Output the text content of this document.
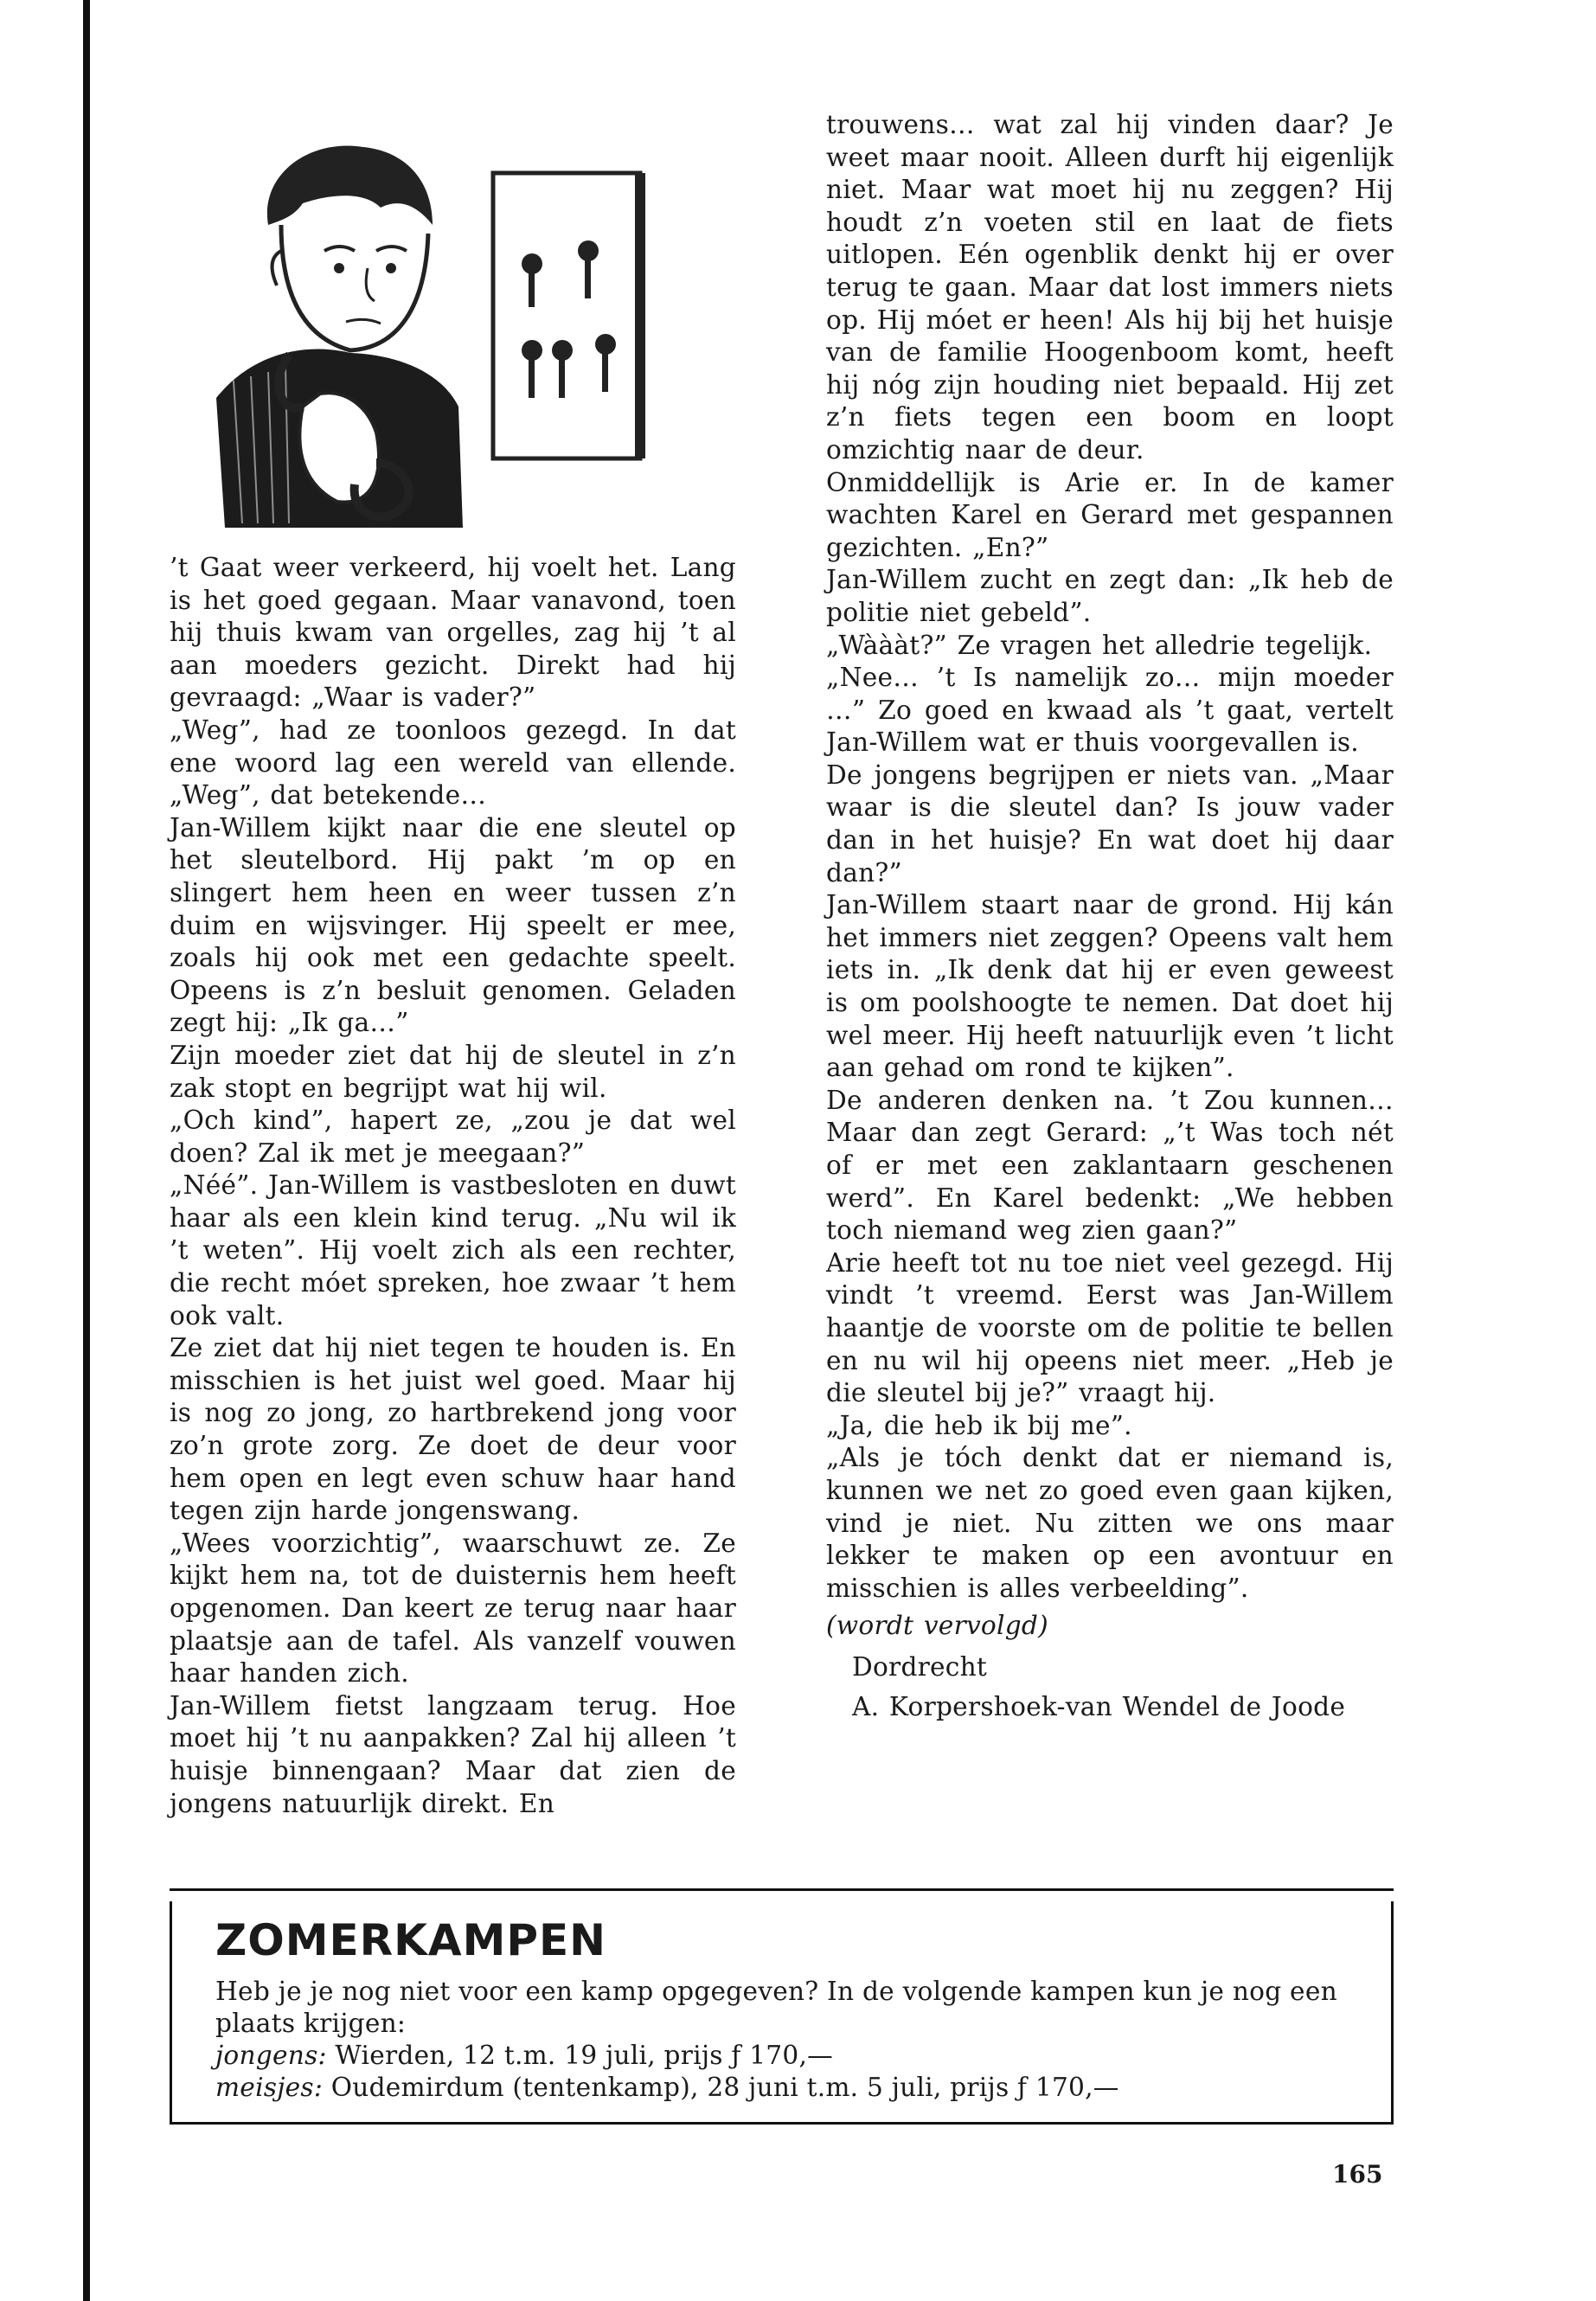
’t Gaat weer verkeerd, hij voelt het. Lang is het goed gegaan. Maar vanavond, toen hij thuis kwam van orgelles, zag hij ’t al aan moeders gezicht. Direkt had hij gevraagd: „Waar is vader?”

„Weg”, had ze toonloos gezegd. In dat ene woord lag een wereld van ellende. „Weg”, dat betekende…

Jan-Willem kijkt naar die ene sleutel op het sleutelbord. Hij pakt ’m op en slingert hem heen en weer tussen z’n duim en wijsvinger. Hij speelt er mee, zoals hij ook met een gedachte speelt. Opeens is z’n besluit genomen. Geladen zegt hij: „Ik ga…”

Zijn moeder ziet dat hij de sleutel in z’n zak stopt en begrijpt wat hij wil.

„Och kind”, hapert ze, „zou je dat wel doen? Zal ik met je meegaan?”

„Néé”. Jan-Willem is vastbesloten en duwt haar als een klein kind terug. „Nu wil ik ’t weten”. Hij voelt zich als een rechter, die recht móet spreken, hoe zwaar ’t hem ook valt.

Ze ziet dat hij niet tegen te houden is. En misschien is het juist wel goed. Maar hij is nog zo jong, zo hartbrekend jong voor zo’n grote zorg. Ze doet de deur voor hem open en legt even schuw haar hand tegen zijn harde jongenswang.

„Wees voorzichtig”, waarschuwt ze. Ze kijkt hem na, tot de duisternis hem heeft opgenomen. Dan keert ze terug naar haar plaatsje aan de tafel. Als vanzelf vouwen haar handen zich.

Jan-Willem fietst langzaam terug. Hoe moet hij ’t nu aanpakken? Zal hij alleen ’t huisje binnengaan? Maar dat zien de jongens natuurlijk direkt. En

trouwens… wat zal hij vinden daar? Je weet maar nooit. Alleen durft hij eigenlijk niet. Maar wat moet hij nu zeggen? Hij houdt z’n voeten stil en laat de fiets uitlopen. Eén ogenblik denkt hij er over terug te gaan. Maar dat lost immers niets op. Hij móet er heen! Als hij bij het huisje van de familie Hoogenboom komt, heeft hij nóg zijn houding niet bepaald. Hij zet z’n fiets tegen een boom en loopt omzichtig naar de deur.

Onmiddellijk is Arie er. In de kamer wachten Karel en Gerard met gespannen gezichten. „En?”

Jan-Willem zucht en zegt dan: „Ik heb de politie niet gebeld”.

„Wàààt?” Ze vragen het alledrie tegelijk.

„Nee… ’t Is namelijk zo… mijn moeder …” Zo goed en kwaad als ’t gaat, vertelt Jan-Willem wat er thuis voorgevallen is.

De jongens begrijpen er niets van. „Maar waar is die sleutel dan? Is jouw vader dan in het huisje? En wat doet hij daar dan?”

Jan-Willem staart naar de grond. Hij kán het immers niet zeggen? Opeens valt hem iets in. „Ik denk dat hij er even geweest is om poolshoogte te nemen. Dat doet hij wel meer. Hij heeft natuurlijk even ’t licht aan gehad om rond te kijken”.

De anderen denken na. ’t Zou kunnen… Maar dan zegt Gerard: „’t Was toch nét of er met een zaklantaarn geschenen werd”. En Karel bedenkt: „We hebben toch niemand weg zien gaan?”

Arie heeft tot nu toe niet veel gezegd. Hij vindt ’t vreemd. Eerst was Jan-Willem haantje de voorste om de politie te bellen en nu wil hij opeens niet meer. „Heb je die sleutel bij je?” vraagt hij.

„Ja, die heb ik bij me”.

„Als je tóch denkt dat er niemand is, kunnen we net zo goed even gaan kijken, vind je niet. Nu zitten we ons maar lekker te maken op een avontuur en misschien is alles verbeelding”.

(wordt vervolgd)

Dordrecht

A. Korpershoek-van Wendel de Joode

ZOMERKAMPEN

Heb je je nog niet voor een kamp opgegeven? In de volgende kampen kun je nog een plaats krijgen:

jongens: Wierden, 12 t.m. 19 juli, prijs ƒ 170,—

meisjes: Oudemirdum (tentenkamp), 28 juni t.m. 5 juli, prijs ƒ 170,—

165
